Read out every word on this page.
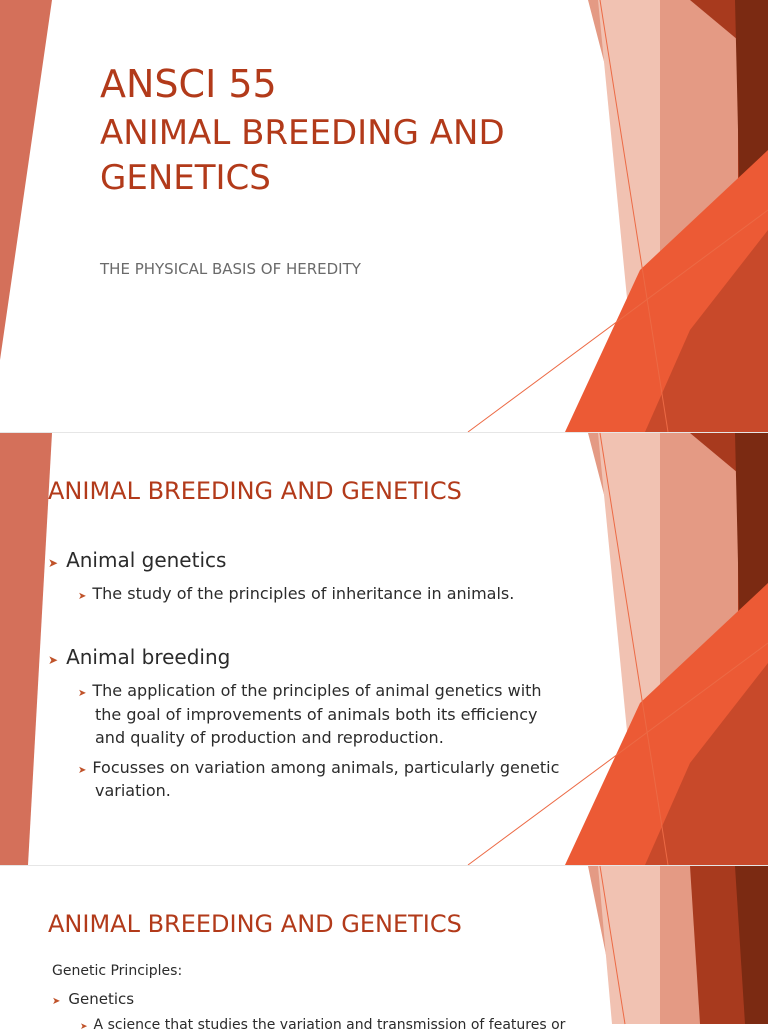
ANSCI 55
ANIMAL BREEDING AND
GENETICS
THE PHYSICAL BASIS OF HEREDITY
ANIMAL BREEDING AND GENETICS
➤ Animal genetics
➤ The study of the principles of inheritance in animals.
➤ Animal breeding
➤ The application of the principles of animal genetics with
the goal of improvements of animals both its efficiency
and quality of production and reproduction.
➤ Focusses on variation among animals, particularly genetic
variation.
ANIMAL BREEDING AND GENETICS
Genetic Principles:
➤ Genetics
➤ A science that studies the variation and transmission of features or
